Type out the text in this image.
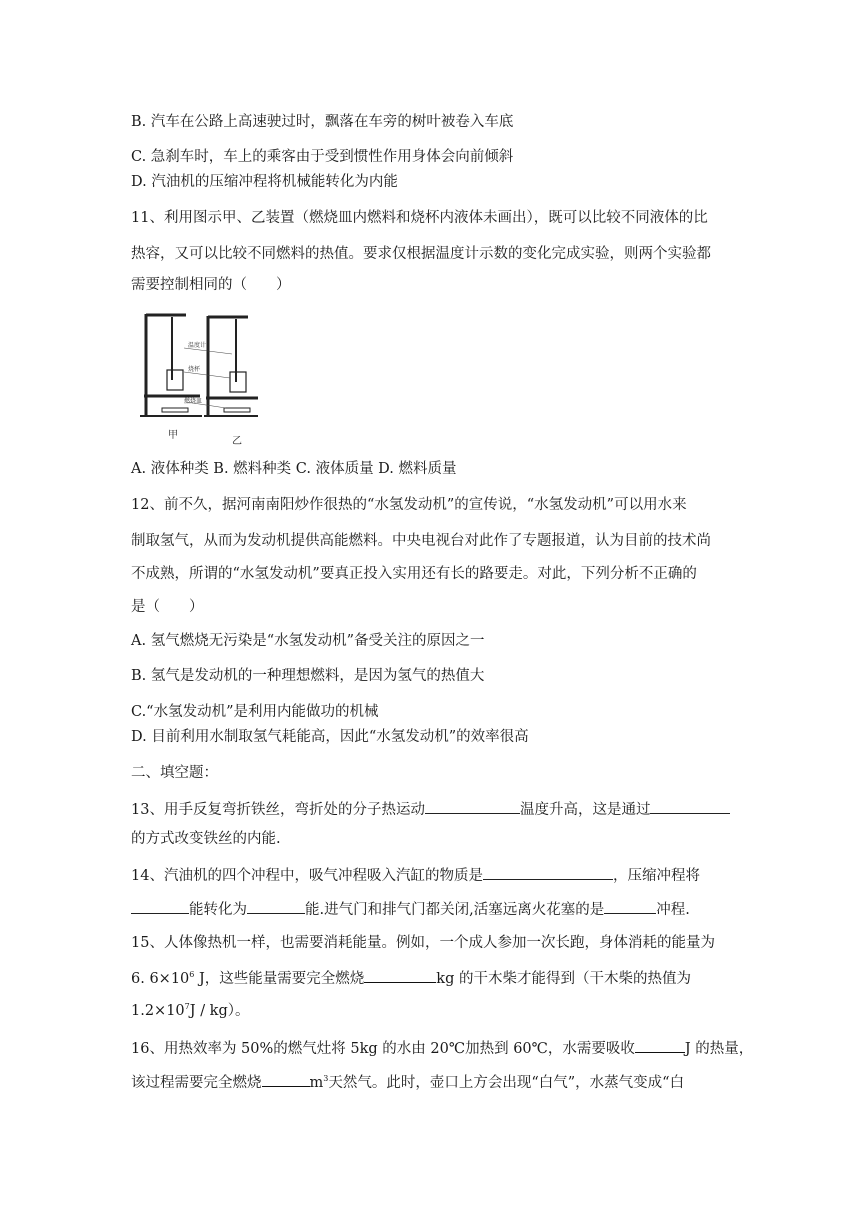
B. 汽车在公路上高速驶过时，飘落在车旁的树叶被卷入车底
C. 急刹车时，车上的乘客由于受到惯性作用身体会向前倾斜
D. 汽油机的压缩冲程将机械能转化为内能
11、利用图示甲、乙装置（燃烧皿内燃料和烧杯内液体未画出），既可以比较不同液体的比
热容，又可以比较不同燃料的热值。要求仅根据温度计示数的变化完成实验，则两个实验都
需要控制相同的（　　）
温度计
烧杯
燃烧皿
甲
乙
A. 液体种类 B. 燃料种类 C. 液体质量 D. 燃料质量
12、前不久，据河南南阳炒作很热的“水氢发动机”的宣传说，“水氢发动机”可以用水来
制取氢气，从而为发动机提供高能燃料。中央电视台对此作了专题报道，认为目前的技术尚
不成熟，所谓的“水氢发动机”要真正投入实用还有长的路要走。对此，下列分析不正确的
是（　　）
A. 氢气燃烧无污染是“水氢发动机”备受关注的原因之一
B. 氢气是发动机的一种理想燃料，是因为氢气的热值大
C.“水氢发动机”是利用内能做功的机械
D. 目前利用水制取氢气耗能高，因此“水氢发动机”的效率很高
二、填空题：
13、用手反复弯折铁丝，弯折处的分子热运动	温度升高，这是通过
的方式改变铁丝的内能.
14、汽油机的四个冲程中，吸气冲程吸入汽缸的物质是	，压缩冲程将
能转化为	能.进气门和排气门都关闭,活塞远离火花塞的是	冲程.
15、人体像热机一样，也需要消耗能量。例如，一个成人参加一次长跑，身体消耗的能量为
6. $6\times 10^6$ J，这些能量需要完全燃烧	kg 的干木柴才能得到（干木柴的热值为
$1.2\times 10^7J / kg$）。
16、用热效率为 50%的燃气灶将 5kg 的水由 20℃加热到 60℃，水需要吸收	J 的热量，
该过程需要完全燃烧	$m^3$天然气。此时，壶口上方会出现“白气”，水蒸气变成“白
